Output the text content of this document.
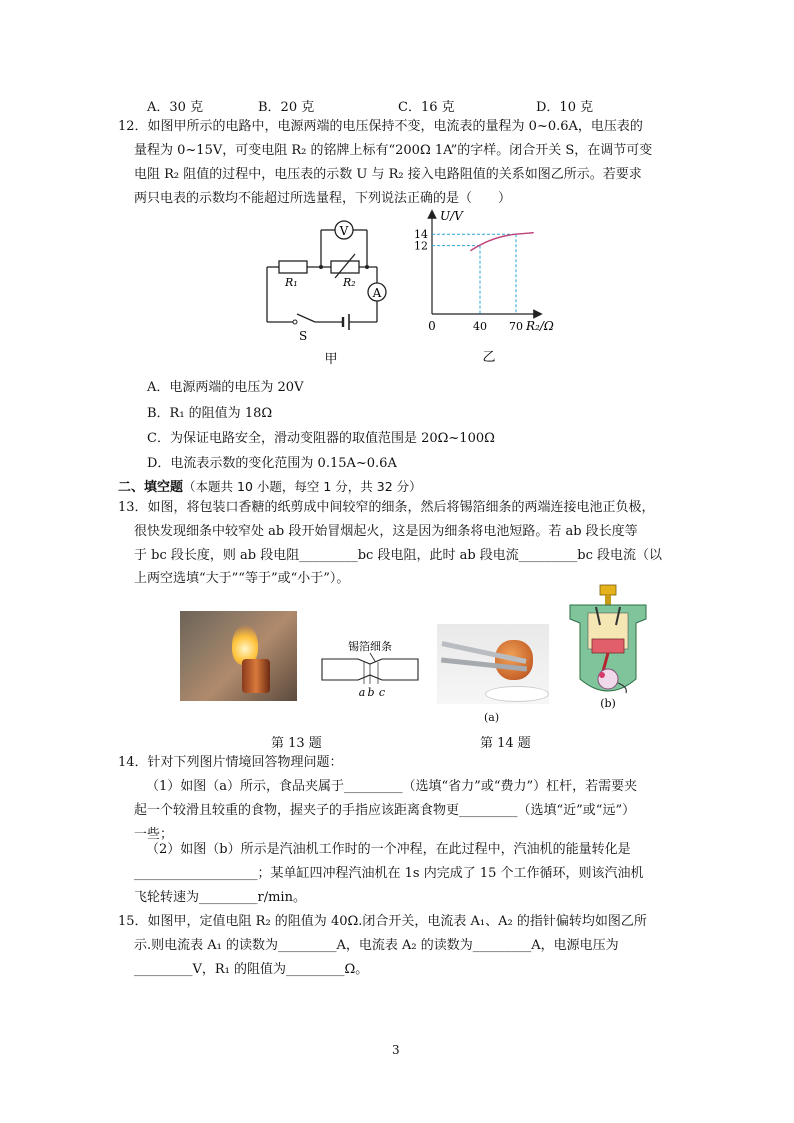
A．30 克	B．20 克	C．16 克	D．10 克
12．如图甲所示的电路中，电源两端的电压保持不变，电流表的量程为 0~0.6A，电压表的
量程为 0~15V，可变电阻 R₂ 的铭牌上标有“200Ω 1A”的字样。闭合开关 S，在调节可变
电阻 R₂ 阻值的过程中，电压表的示数 U 与 R₂ 接入电路阻值的关系如图乙所示。若要求
两只电表的示数均不能超过所选量程，下列说法正确的是（　　）
V
A
R₁	R₂
S
甲
14
12
40 70
U/V
R₂/Ω
0
乙
A．电源两端的电压为 20V
B．R₁ 的阻值为 18Ω
C．为保证电路安全，滑动变阻器的取值范围是 20Ω~100Ω
D．电流表示数的变化范围为 0.15A~0.6A
二、填空题（本题共 10 小题，每空 1 分，共 32 分）
13．如图，将包装口香糖的纸剪成中间较窄的细条，然后将锡箔细条的两端连接电池正负极，
很快发现细条中较窄处 ab 段开始冒烟起火，这是因为细条将电池短路。若 ab 段长度等
于 bc 段长度，则 ab 段电阻_________bc 段电阻，此时 ab 段电流_________bc 段电流（以
上两空选填“大于”“等于”或“小于”）。
锡箔细条
a b c
(b)
(a)
第 13 题	第 14 题
14．针对下列图片情境回答物理问题：
（1）如图（a）所示，食品夹属于_________（选填“省力”或“费力”）杠杆，若需要夹
起一个较滑且较重的食物，握夹子的手指应该距离食物更_________（选填“近”或“远”）
一些；
（2）如图（b）所示是汽油机工作时的一个冲程，在此过程中，汽油机的能量转化是
___________________；某单缸四冲程汽油机在 1s 内完成了 15 个工作循环，则该汽油机
飞轮转速为_________r/min。
15．如图甲，定值电阻 R₂ 的阻值为 40Ω.闭合开关，电流表 A₁、A₂ 的指针偏转均如图乙所
示.则电流表 A₁ 的读数为_________A，电流表 A₂ 的读数为_________A，电源电压为
_________V，R₁ 的阻值为_________Ω。
3
